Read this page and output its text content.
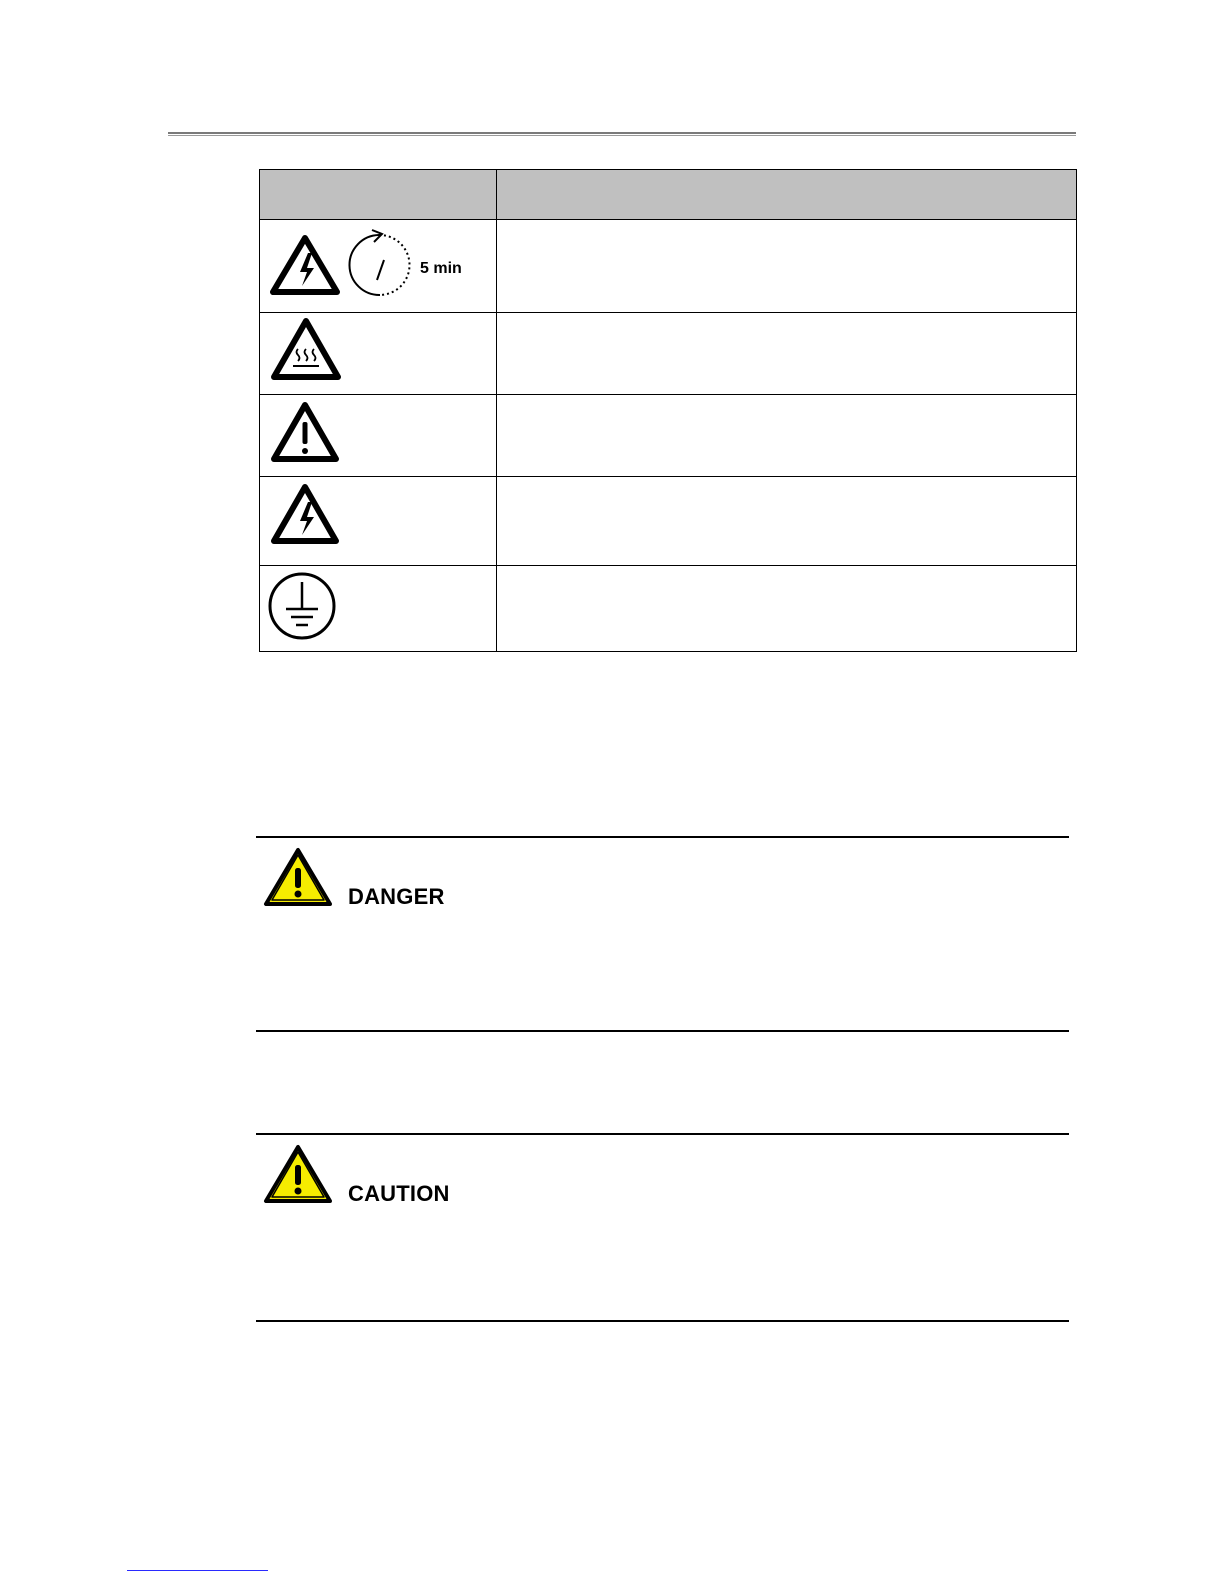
5 min	

DANGER
CAUTION
